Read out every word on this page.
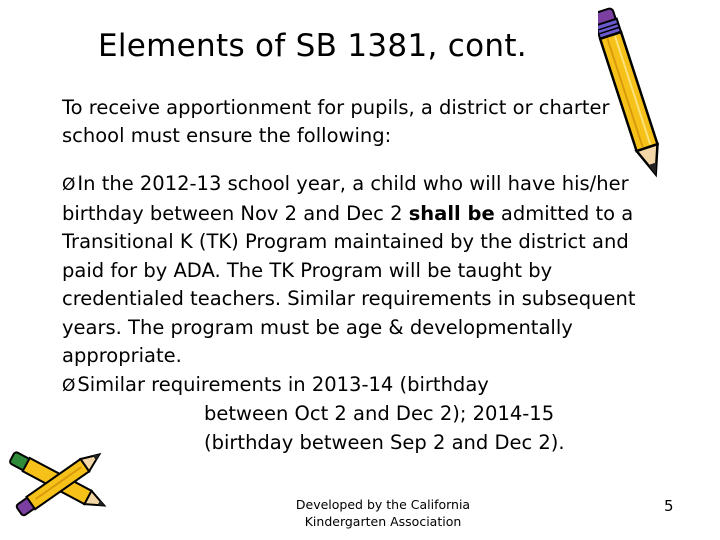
Elements of SB 1381, cont.
To receive apportionment for pupils, a district or charter school must ensure the following:
Ø In the 2012-13 school year, a child who will have his/her birthday between Nov 2 and Dec 2 shall be admitted to a Transitional K (TK) Program maintained by the district and paid for by ADA. The TK Program will be taught by credentialed teachers. Similar requirements in subsequent years. The program must be age & developmentally appropriate.
Ø Similar requirements in 2013-14 (birthday
between Oct 2 and Dec 2); 2014-15
(birthday between Sep 2 and Dec 2).
Developed by the California
Kindergarten Association
5
